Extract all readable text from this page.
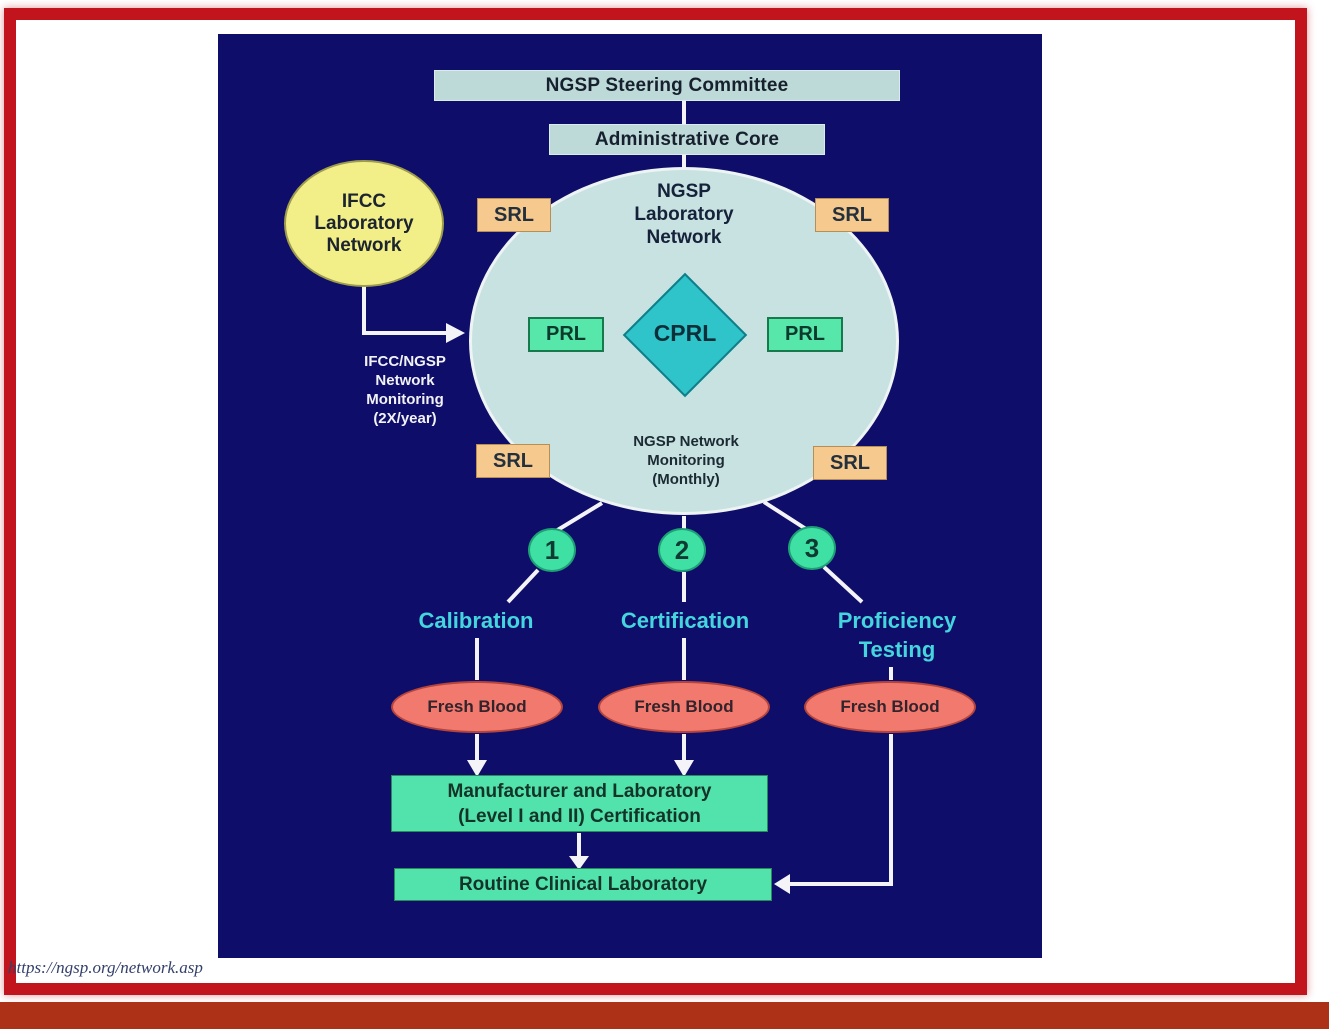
NGSP Steering Committee
Administrative Core
NGSP
Laboratory
Network
IFCC
Laboratory
Network
IFCC/NGSP
Network
Monitoring
(2X/year)
SRL	SRL
SRL	SRL
CPRL
PRL	PRL
NGSP Network
Monitoring
(Monthly)
1	2	3
Calibration	Certification	Proficiency
Testing
Fresh Blood	Fresh Blood	Fresh Blood
Manufacturer and Laboratory
(Level I and II) Certification
Routine Clinical Laboratory
https://ngsp.org/network.asp
